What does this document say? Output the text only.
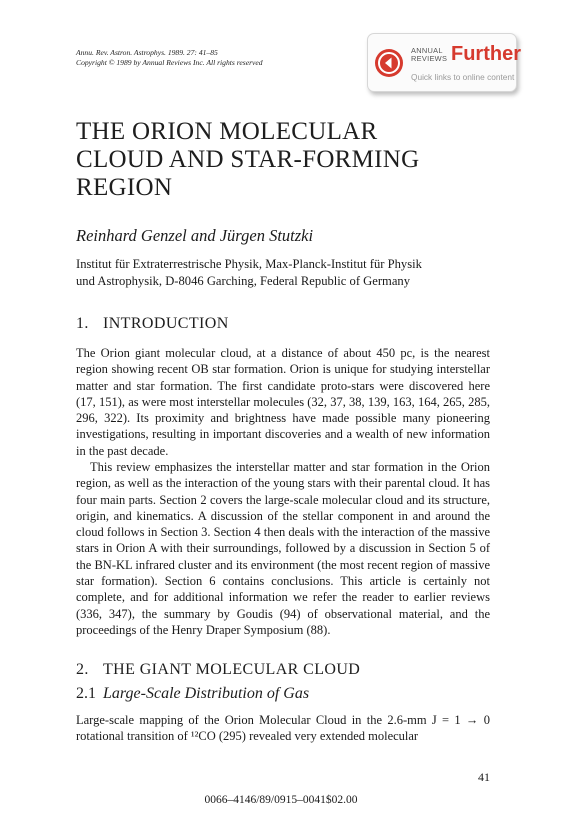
Annu. Rev. Astron. Astrophys. 1989. 27: 41–85
Copyright © 1989 by Annual Reviews Inc. All rights reserved
ANNUAL
REVIEWS Further
Quick links to online content
THE ORION MOLECULAR
CLOUD AND STAR-FORMING
REGION
Reinhard Genzel and Jürgen Stutzki
Institut für Extraterrestrische Physik, Max-Planck-Institut für Physik
und Astrophysik, D-8046 Garching, Federal Republic of Germany
1. INTRODUCTION

The Orion giant molecular cloud, at a distance of about 450 pc, is the nearest region showing recent OB star formation. Orion is unique for studying interstellar matter and star formation. The first candidate proto-stars were discovered here (17, 151), as were most interstellar molecules (32, 37, 38, 139, 163, 164, 265, 285, 296, 322). Its proximity and brightness have made possible many pioneering investigations, resulting in important discoveries and a wealth of new information in the past decade.

This review emphasizes the interstellar matter and star formation in the Orion region, as well as the interaction of the young stars with their parental cloud. It has four main parts. Section 2 covers the large-scale molecular cloud and its structure, origin, and kinematics. A discussion of the stellar component in and around the cloud follows in Section 3. Section 4 then deals with the interaction of the massive stars in Orion A with their surroundings, followed by a discussion in Section 5 of the BN-KL infrared cluster and its environment (the most recent region of massive star formation). Section 6 contains conclusions. This article is certainly not complete, and for additional information we refer the reader to earlier reviews (336, 347), the summary by Goudis (94) of observational material, and the proceedings of the Henry Draper Symposium (88).

2. THE GIANT MOLECULAR CLOUD
2.1 Large-Scale Distribution of Gas

Large-scale mapping of the Orion Molecular Cloud in the 2.6-mm J = 1 → 0 rotational transition of ¹²CO (295) revealed very extended molecular

41
0066–4146/89/0915–0041$02.00
